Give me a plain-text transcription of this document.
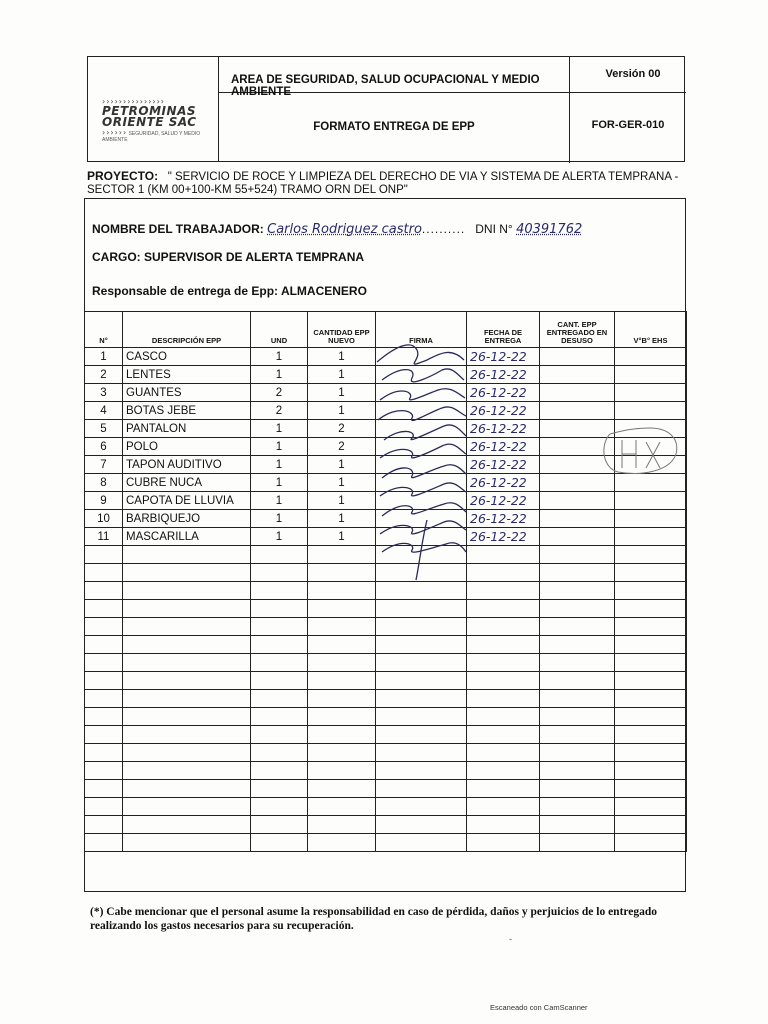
›››››››››››››››
PETROMINAS
ORIENTE SAC
›››››› SEGURIDAD, SALUD Y MEDIO AMBIENTE
AREA DE SEGURIDAD, SALUD OCUPACIONAL Y MEDIO AMBIENTE
Versión 00
FORMATO ENTREGA DE EPP	FOR-GER-010
PROYECTO: " SERVICIO DE ROCE Y LIMPIEZA DEL DERECHO DE VIA Y SISTEMA DE ALERTA TEMPRANA - SECTOR 1 (KM 00+100-KM 55+524) TRAMO ORN DEL ONP"
NOMBRE DEL TRABAJADOR: Carlos Rodriguez castro.......... DNI N° 40391762
CARGO: SUPERVISOR DE ALERTA TEMPRANA
Responsable de entrega de Epp: ALMACENERO
N°	DESCRIPCIÓN EPP	UND	CANTIDAD EPP NUEVO	FIRMA	FECHA DE ENTREGA	CANT. EPP ENTREGADO EN DESUSO	V°B° EHS
1	CASCO	1	1		26-12-22		
2	LENTES	1	1		26-12-22		
3	GUANTES	2	1		26-12-22		
4	BOTAS JEBE	2	1		26-12-22		
5	PANTALON	1	2		26-12-22		
6	POLO	1	2		26-12-22		
7	TAPON AUDITIVO	1	1		26-12-22		
8	CUBRE NUCA	1	1		26-12-22		
9	CAPOTA DE LLUVIA	1	1		26-12-22		
10	BARBIQUEJO	1	1		26-12-22		
11	MASCARILLA	1	1		26-12-22		

(*) Cabe mencionar que el personal asume la responsabilidad en caso de pérdida, daños y perjuicios de lo entregado realizando los gastos necesarios para su recuperación.
-
Escaneado con CamScanner
